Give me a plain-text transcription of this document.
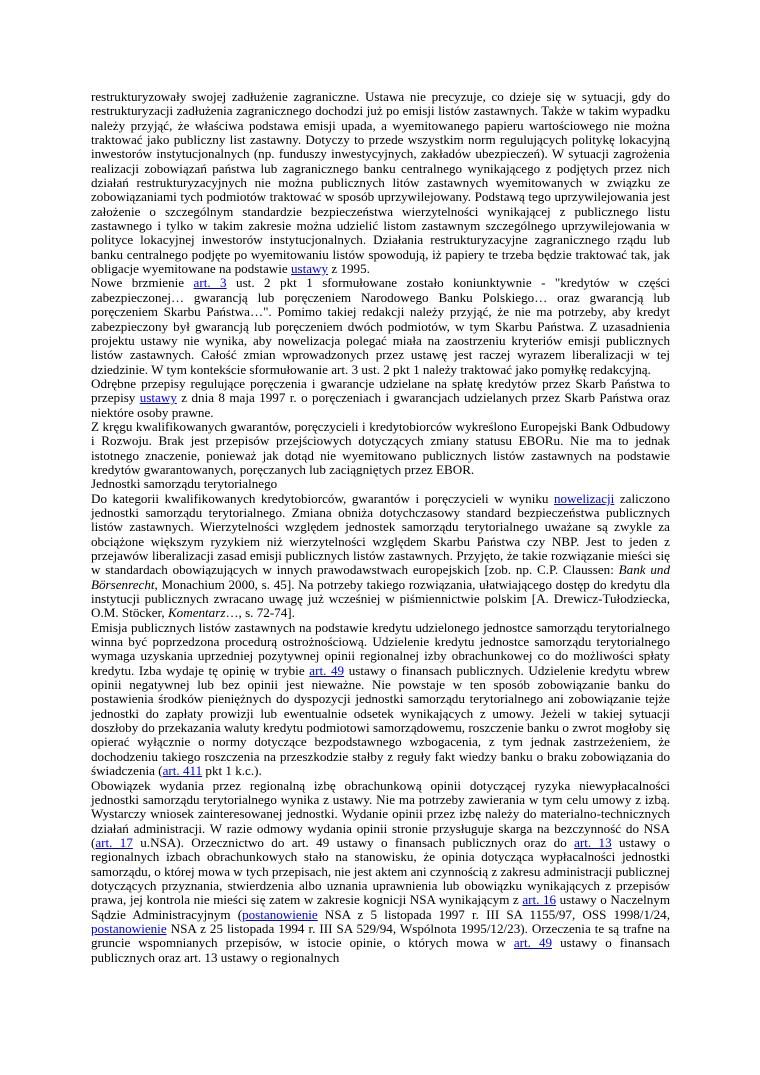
restrukturyzowały swojej zadłużenie zagraniczne. Ustawa nie precyzuje, co dzieje się w sytuacji, gdy do restrukturyzacji zadłużenia zagranicznego dochodzi już po emisji listów zastawnych. Także w takim wypadku należy przyjąć, że właściwa podstawa emisji upada, a wyemitowanego papieru wartościowego nie można traktować jako publiczny list zastawny. Dotyczy to przede wszystkim norm regulujących politykę lokacyjną inwestorów instytucjonalnych (np. funduszy inwestycyjnych, zakładów ubezpieczeń). W sytuacji zagrożenia realizacji zobowiązań państwa lub zagranicznego banku centralnego wynikającego z podjętych przez nich działań restrukturyzacyjnych nie można publicznych litów zastawnych wyemitowanych w związku ze zobowiązaniami tych podmiotów traktować w sposób uprzywilejowany. Podstawą tego uprzywilejowania jest założenie o szczególnym standardzie bezpieczeństwa wierzytelności wynikającej z publicznego listu zastawnego i tylko w takim zakresie można udzielić listom zastawnym szczególnego uprzywilejowania w polityce lokacyjnej inwestorów instytucjonalnych. Działania restrukturyzacyjne zagranicznego rządu lub banku centralnego podjęte po wyemitowaniu listów spowodują, iż papiery te trzeba będzie traktować tak, jak obligacje wyemitowane na podstawie ustawy z 1995.

Nowe brzmienie art. 3 ust. 2 pkt 1 sformułowane zostało koniunktywnie - "kredytów w części zabezpieczonej… gwarancją lub poręczeniem Narodowego Banku Polskiego… oraz gwarancją lub poręczeniem Skarbu Państwa…". Pomimo takiej redakcji należy przyjąć, że nie ma potrzeby, aby kredyt zabezpieczony był gwarancją lub poręczeniem dwóch podmiotów, w tym Skarbu Państwa. Z uzasadnienia projektu ustawy nie wynika, aby nowelizacja polegać miała na zaostrzeniu kryteriów emisji publicznych listów zastawnych. Całość zmian wprowadzonych przez ustawę jest raczej wyrazem liberalizacji w tej dziedzinie. W tym kontekście sformułowanie art. 3 ust. 2 pkt 1 należy traktować jako pomyłkę redakcyjną.

Odrębne przepisy regulujące poręczenia i gwarancje udzielane na spłatę kredytów przez Skarb Państwa to przepisy ustawy z dnia 8 maja 1997 r. o poręczeniach i gwarancjach udzielanych przez Skarb Państwa oraz niektóre osoby prawne.

Z kręgu kwalifikowanych gwarantów, poręczycieli i kredytobiorców wykreślono Europejski Bank Odbudowy i Rozwoju. Brak jest przepisów przejściowych dotyczących zmiany statusu EBORu. Nie ma to jednak istotnego znaczenie, ponieważ jak dotąd nie wyemitowano publicznych listów zastawnych na podstawie kredytów gwarantowanych, poręczanych lub zaciągniętych przez EBOR.

Jednostki samorządu terytorialnego

Do kategorii kwalifikowanych kredytobiorców, gwarantów i poręczycieli w wyniku nowelizacji zaliczono jednostki samorządu terytorialnego. Zmiana obniża dotychczasowy standard bezpieczeństwa publicznych listów zastawnych. Wierzytelności względem jednostek samorządu terytorialnego uważane są zwykle za obciążone większym ryzykiem niż wierzytelności względem Skarbu Państwa czy NBP. Jest to jeden z przejawów liberalizacji zasad emisji publicznych listów zastawnych. Przyjęto, że takie rozwiązanie mieści się w standardach obowiązujących w innych prawodawstwach europejskich [zob. np. C.P. Claussen: Bank und Börsenrecht, Monachium 2000, s. 45]. Na potrzeby takiego rozwiązania, ułatwiającego dostęp do kredytu dla instytucji publicznych zwracano uwagę już wcześniej w piśmiennictwie polskim [A. Drewicz-Tułodziecka, O.M. Stöcker, Komentarz…, s. 72-74].

Emisja publicznych listów zastawnych na podstawie kredytu udzielonego jednostce samorządu terytorialnego winna być poprzedzona procedurą ostrożnościową. Udzielenie kredytu jednostce samorządu terytorialnego wymaga uzyskania uprzedniej pozytywnej opinii regionalnej izby obrachunkowej co do możliwości spłaty kredytu. Izba wydaje tę opinię w trybie art. 49 ustawy o finansach publicznych. Udzielenie kredytu wbrew opinii negatywnej lub bez opinii jest nieważne. Nie powstaje w ten sposób zobowiązanie banku do postawienia środków pieniężnych do dyspozycji jednostki samorządu terytorialnego ani zobowiązanie tejże jednostki do zapłaty prowizji lub ewentualnie odsetek wynikających z umowy. Jeżeli w takiej sytuacji doszłoby do przekazania waluty kredytu podmiotowi samorządowemu, roszczenie banku o zwrot mogłoby się opierać wyłącznie o normy dotyczące bezpodstawnego wzbogacenia, z tym jednak zastrzeżeniem, że dochodzeniu takiego roszczenia na przeszkodzie stałby z reguły fakt wiedzy banku o braku zobowiązania do świadczenia (art. 411 pkt 1 k.c.).

Obowiązek wydania przez regionalną izbę obrachunkową opinii dotyczącej ryzyka niewypłacalności jednostki samorządu terytorialnego wynika z ustawy. Nie ma potrzeby zawierania w tym celu umowy z izbą. Wystarczy wniosek zainteresowanej jednostki. Wydanie opinii przez izbę należy do materialno-technicznych działań administracji. W razie odmowy wydania opinii stronie przysługuje skarga na bezczynność do NSA (art. 17 u.NSA). Orzecznictwo do art. 49 ustawy o finansach publicznych oraz do art. 13 ustawy o regionalnych izbach obrachunkowych stało na stanowisku, że opinia dotycząca wypłacalności jednostki samorządu, o której mowa w tych przepisach, nie jest aktem ani czynnością z zakresu administracji publicznej dotyczących przyznania, stwierdzenia albo uznania uprawnienia lub obowiązku wynikających z przepisów prawa, jej kontrola nie mieści się zatem w zakresie kognicji NSA wynikającym z art. 16 ustawy o Naczelnym Sądzie Administracyjnym (postanowienie NSA z 5 listopada 1997 r. III SA 1155/97, OSS 1998/1/24, postanowienie NSA z 25 listopada 1994 r. III SA 529/94, Wspólnota 1995/12/23). Orzeczenia te są trafne na gruncie wspomnianych przepisów, w istocie opinie, o których mowa w art. 49 ustawy o finansach publicznych oraz art. 13 ustawy o regionalnych
